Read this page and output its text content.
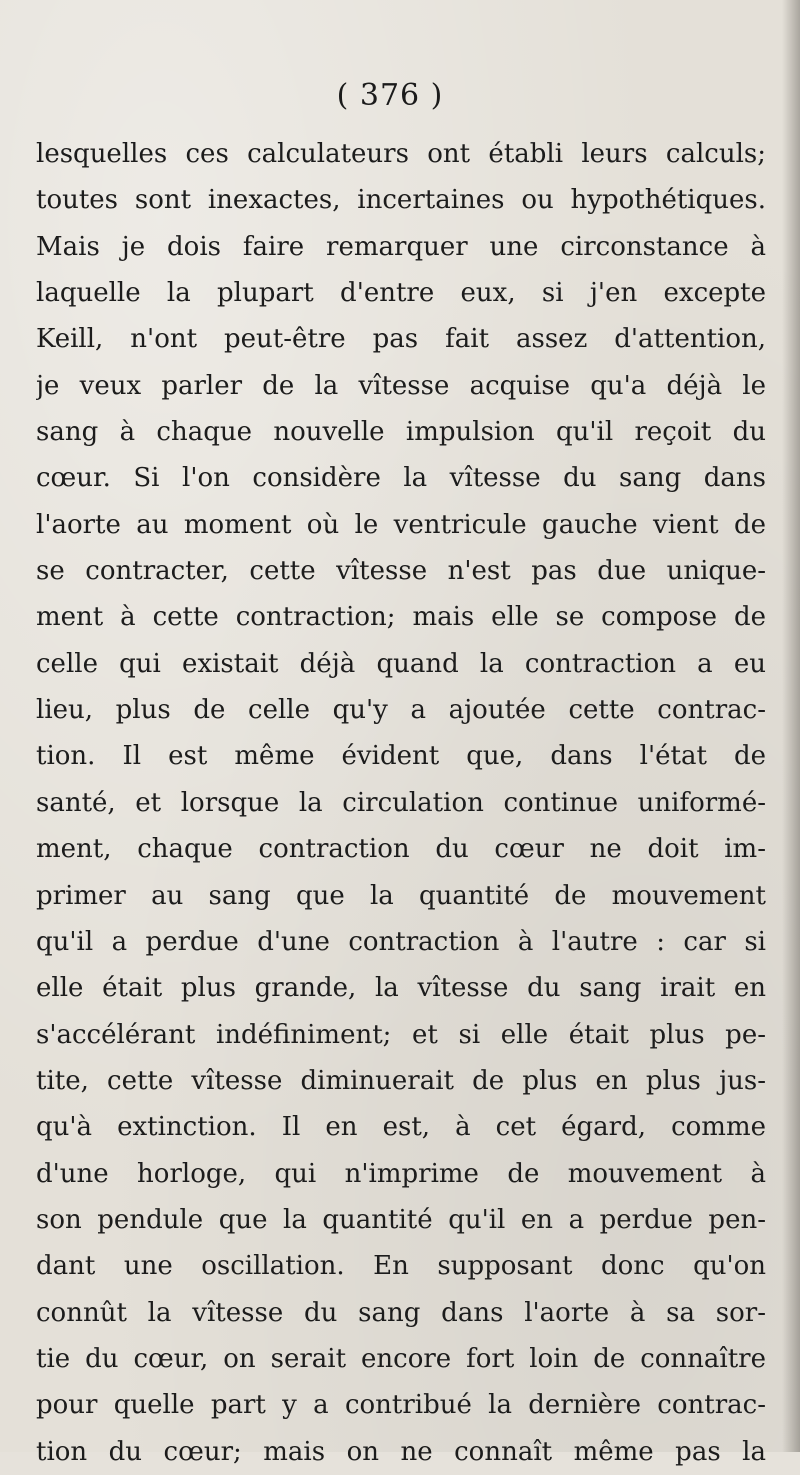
( 376 )
lesquelles ces calculateurs ont établi leurs calculs;
toutes sont inexactes, incertaines ou hypothétiques.
Mais je dois faire remarquer une circonstance à
laquelle la plupart d'entre eux, si j'en excepte
Keill, n'ont peut-être pas fait assez d'attention,
je veux parler de la vîtesse acquise qu'a déjà le
sang à chaque nouvelle impulsion qu'il reçoit du
cœur. Si l'on considère la vîtesse du sang dans
l'aorte au moment où le ventricule gauche vient de
se contracter, cette vîtesse n'est pas due unique-
ment à cette contraction; mais elle se compose de
celle qui existait déjà quand la contraction a eu
lieu, plus de celle qu'y a ajoutée cette contrac-
tion. Il est même évident que, dans l'état de
santé, et lorsque la circulation continue uniformé-
ment, chaque contraction du cœur ne doit im-
primer au sang que la quantité de mouvement
qu'il a perdue d'une contraction à l'autre : car si
elle était plus grande, la vîtesse du sang irait en
s'accélérant indéfiniment; et si elle était plus pe-
tite, cette vîtesse diminuerait de plus en plus jus-
qu'à extinction. Il en est, à cet égard, comme
d'une horloge, qui n'imprime de mouvement à
son pendule que la quantité qu'il en a perdue pen-
dant une oscillation. En supposant donc qu'on
connût la vîtesse du sang dans l'aorte à sa sor-
tie du cœur, on serait encore fort loin de connaître
pour quelle part y a contribué la dernière contrac-
tion du cœur; mais on ne connaît même pas la
